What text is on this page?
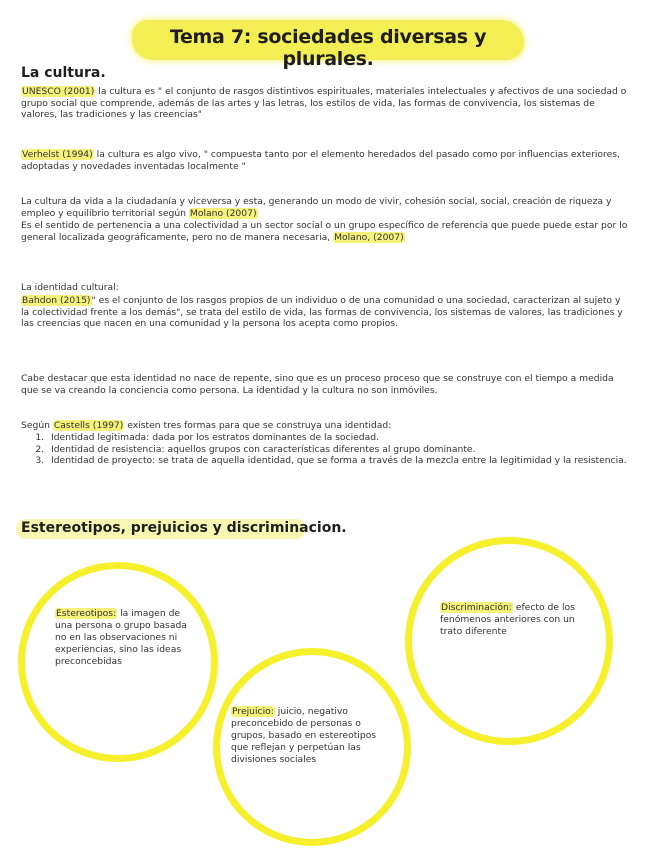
Tema 7: sociedades diversas y plurales.
La cultura.

UNESCO (2001) la cultura es " el conjunto de rasgos distintivos espirituales, materiales intelectuales y afectivos de una sociedad o grupo social que comprende, además de las artes y las letras, los estilos de vida, las formas de convivencia, los sistemas de valores, las tradiciones y las creencias"

Verhelst (1994) la cultura es algo vivo, " compuesta tanto por el elemento heredados del pasado como por influencias exteriores, adoptadas y novedades inventadas localmente "

La cultura da vida a la ciudadanía y viceversa y esta, generando un modo de vivir, cohesión social, social, creación de riqueza y empleo y equilibrio territorial según Molano (2007)

Es el sentido de pertenencia a una colectividad a un sector social o un grupo específico de referencia que puede puede estar por lo general localizada geográficamente, pero no de manera necesaria, Molano, (2007)

La identidad cultural:

Bahdon (2015)" es el conjunto de los rasgos propios de un individuo o de una comunidad o una sociedad, caracterizan al sujeto y la colectividad frente a los demás", se trata del estilo de vida, las formas de convivencia, los sistemas de valores, las tradiciones y las creencias que nacen en una comunidad y la persona los acepta como propios.

Cabe destacar que esta identidad no nace de repente, sino que es un proceso proceso que se construye con el tiempo a medida que se va creando la conciencia como persona. La identidad y la cultura no son inmóviles.

Según Castells (1997) existen tres formas para que se construya una identidad:

1. Identidad legitimada: dada por los estratos dominantes de la sociedad.
2. Identidad de resistencia: aquellos grupos con características diferentes al grupo dominante.
3. Identidad de proyecto: se trata de aquella identidad, que se forma a través de la mezcla entre la legitimidad y la resistencia.
Estereotipos, prejuicios y discriminacion.
Estereotipos: la imagen de una persona o grupo basada no en las observaciones ni experiencias, sino las ideas preconcebidas
Discriminación: efecto de los fenómenos anteriores con un trato diferente
Prejuicio: juicio, negativo preconcebido de personas o grupos, basado en estereotipos que reflejan y perpetúan las divisiones sociales
